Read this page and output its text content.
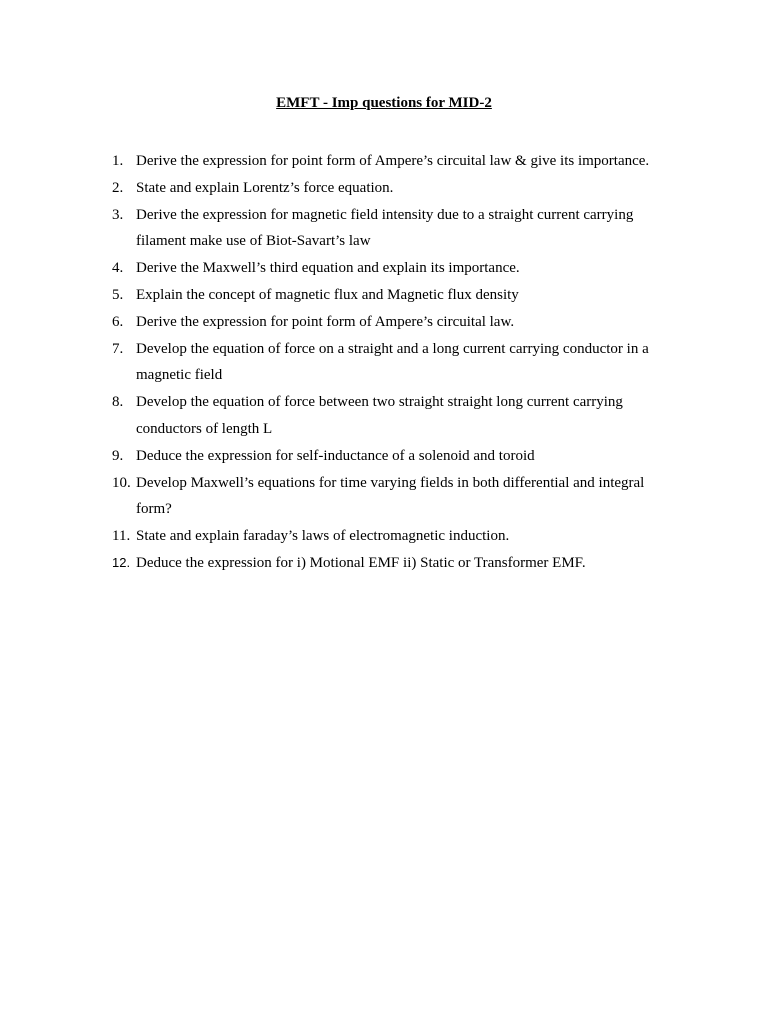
EMFT - Imp questions for MID-2
1. Derive the expression for point form of Ampere’s circuital law & give its importance.
2. State and explain Lorentz’s force equation.
3. Derive the expression for magnetic field intensity due to a straight current carrying filament make use of Biot-Savart’s law
4. Derive the Maxwell’s third equation and explain its importance.
5. Explain the concept of magnetic flux and Magnetic flux density
6. Derive the expression for point form of Ampere’s circuital law.
7. Develop the equation of force on a straight and a long current carrying conductor in a magnetic field
8. Develop the equation of force between two straight straight long current carrying conductors of length L
9. Deduce the expression for self-inductance of a solenoid and toroid
10. Develop Maxwell’s equations for time varying fields in both differential and integral form?
11. State and explain faraday’s laws of electromagnetic induction.
12. Deduce the expression for i) Motional EMF ii) Static or Transformer EMF.
